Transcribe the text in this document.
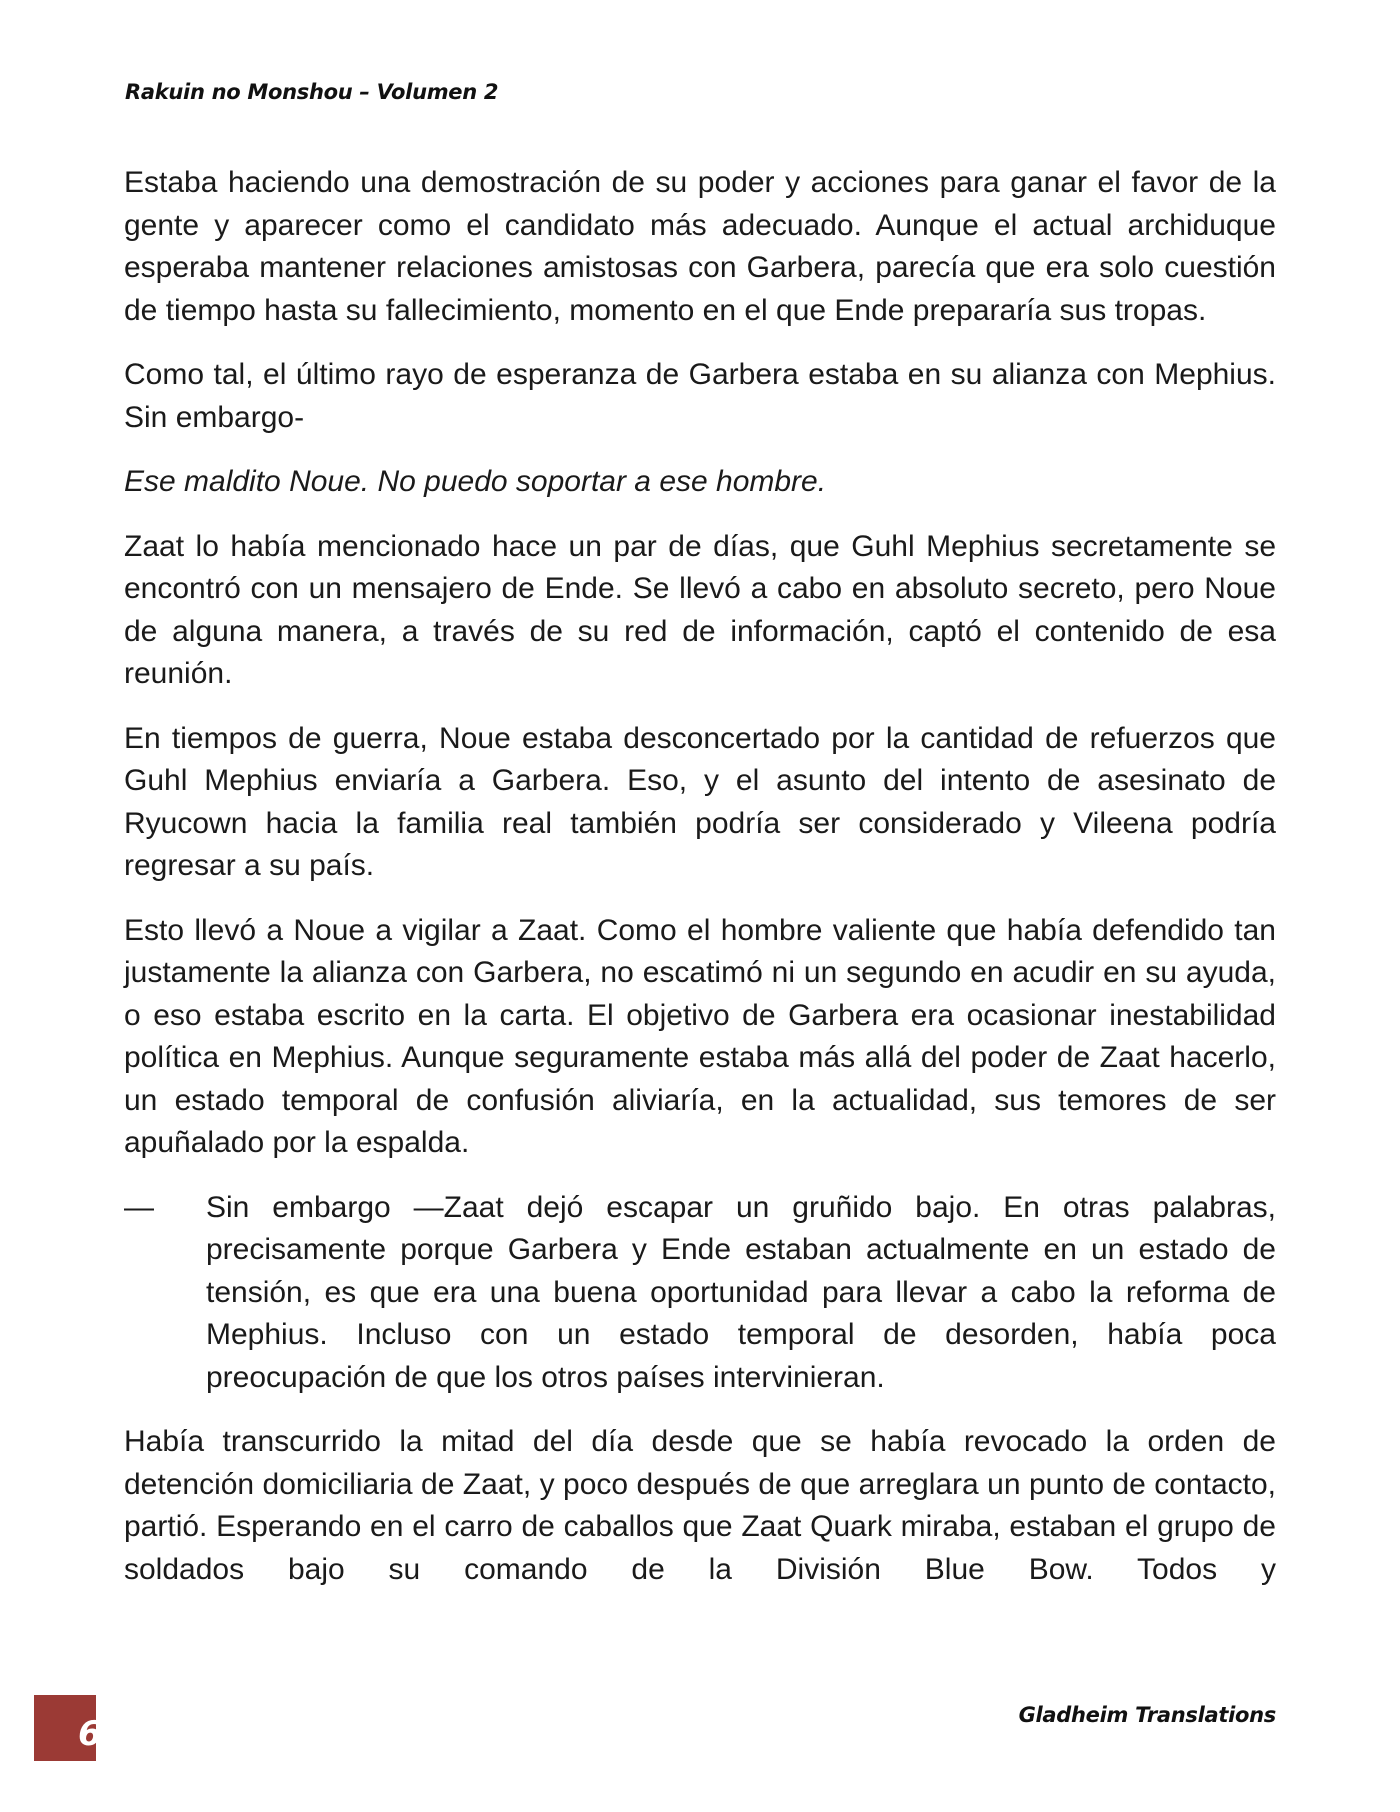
Rakuin no Monshou – Volumen 2

Estaba haciendo una demostración de su poder y acciones para ganar el favor de la gente y aparecer como el candidato más adecuado. Aunque el actual archiduque esperaba mantener relaciones amistosas con Garbera, parecía que era solo cuestión de tiempo hasta su fallecimiento, momento en el que Ende prepararía sus tropas.

Como tal, el último rayo de esperanza de Garbera estaba en su alianza con Mephius. Sin embargo-

Ese maldito Noue. No puedo soportar a ese hombre.

Zaat lo había mencionado hace un par de días, que Guhl Mephius secretamente se encontró con un mensajero de Ende. Se llevó a cabo en absoluto secreto, pero Noue de alguna manera, a través de su red de información, captó el contenido de esa reunión.

En tiempos de guerra, Noue estaba desconcertado por la cantidad de refuerzos que Guhl Mephius enviaría a Garbera. Eso, y el asunto del intento de asesinato de Ryucown hacia la familia real también podría ser considerado y Vileena podría regresar a su país.

Esto llevó a Noue a vigilar a Zaat. Como el hombre valiente que había defendido tan justamente la alianza con Garbera, no escatimó ni un segundo en acudir en su ayuda, o eso estaba escrito en la carta. El objetivo de Garbera era ocasionar inestabilidad política en Mephius. Aunque seguramente estaba más allá del poder de Zaat hacerlo, un estado temporal de confusión aliviaría, en la actualidad, sus temores de ser apuñalado por la espalda.

— Sin embargo —Zaat dejó escapar un gruñido bajo. En otras palabras, precisamente porque Garbera y Ende estaban actualmente en un estado de tensión, es que era una buena oportunidad para llevar a cabo la reforma de Mephius. Incluso con un estado temporal de desorden, había poca preocupación de que los otros países intervinieran.

Había transcurrido la mitad del día desde que se había revocado la orden de detención domiciliaria de Zaat, y poco después de que arreglara un punto de contacto, partió. Esperando en el carro de caballos que Zaat Quark miraba, estaban el grupo de soldados bajo su comando de la División Blue Bow. Todos y

6	Gladheim Translations
